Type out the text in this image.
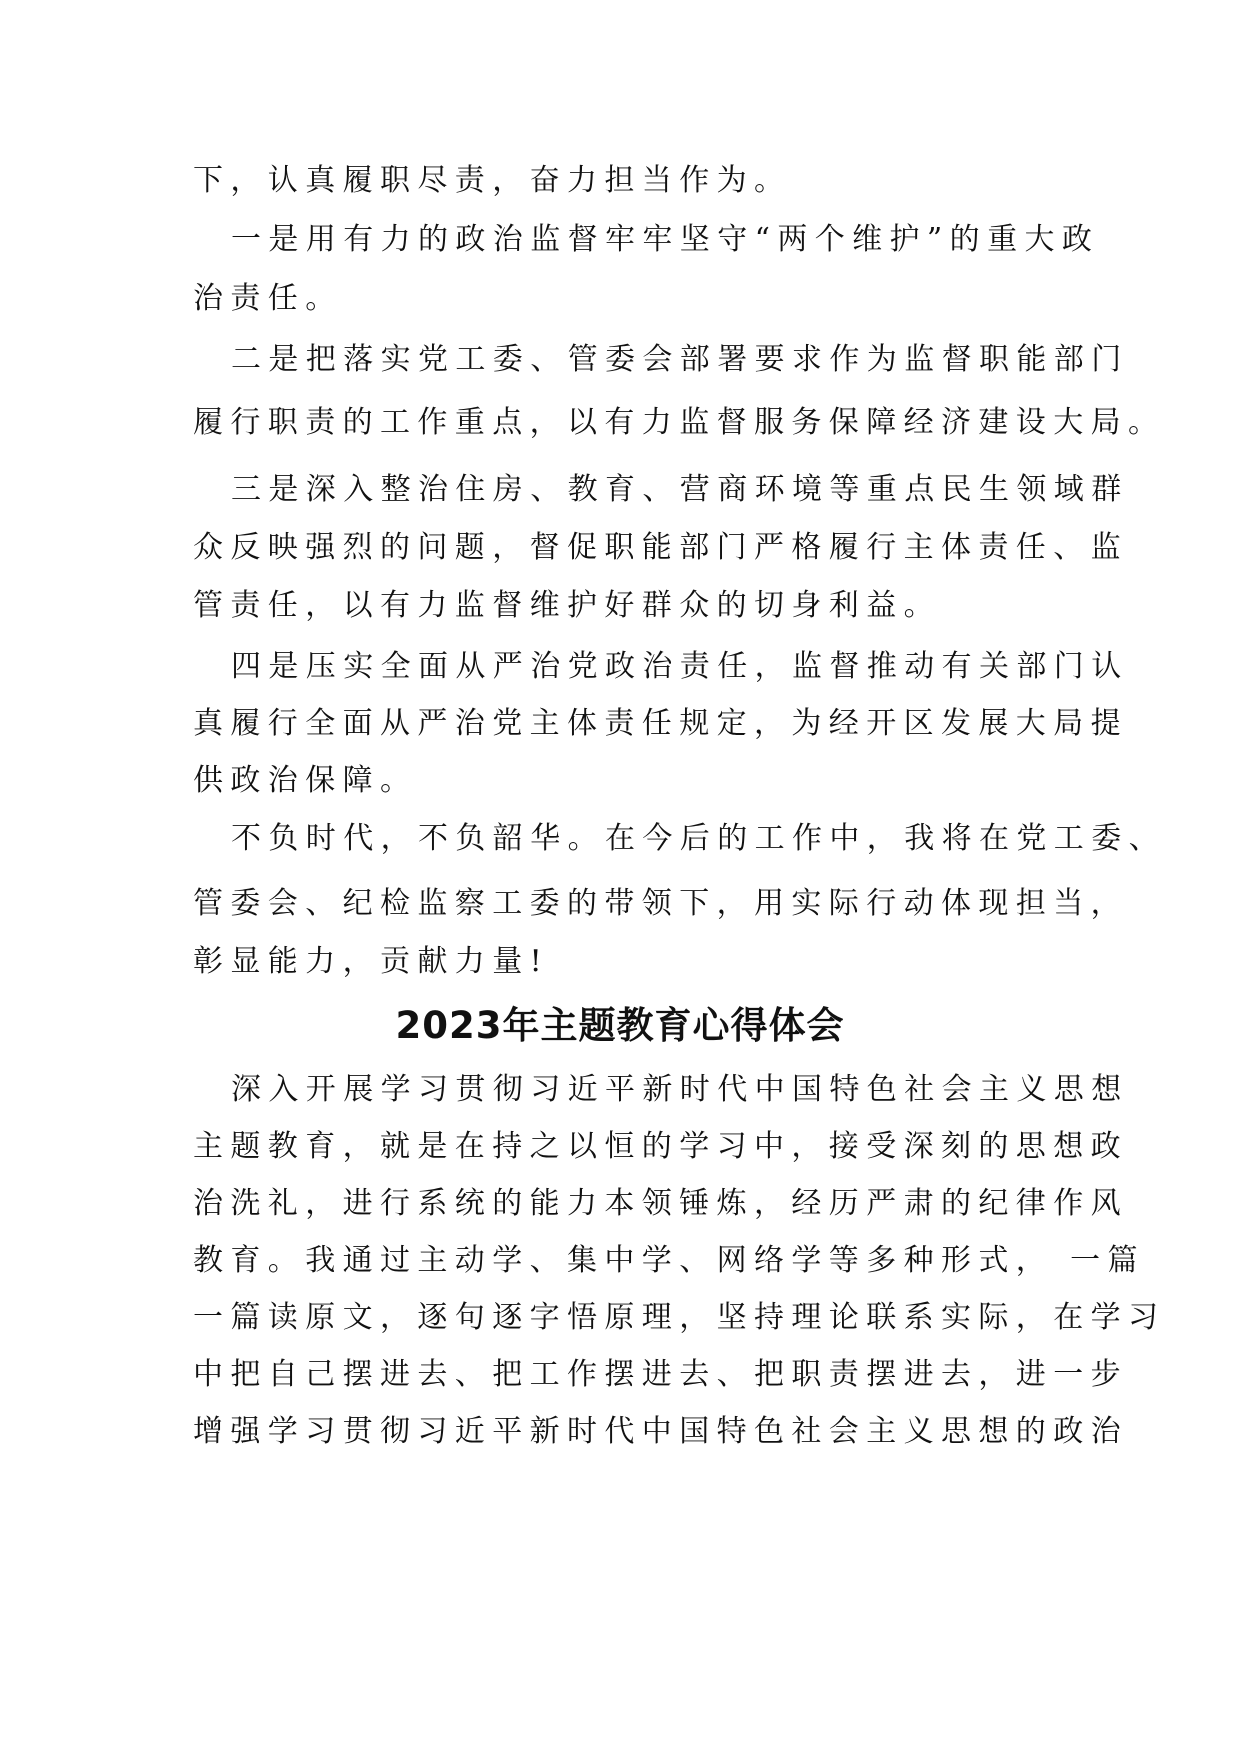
下，认真履职尽责，奋力担当作为。
一是用有力的政治监督牢牢坚守“两个维护”的重大政
治责任。
二是把落实党工委、管委会部署要求作为监督职能部门
履行职责的工作重点，以有力监督服务保障经济建设大局。
三是深入整治住房、教育、营商环境等重点民生领域群
众反映强烈的问题，督促职能部门严格履行主体责任、监
管责任，以有力监督维护好群众的切身利益。
四是压实全面从严治党政治责任，监督推动有关部门认
真履行全面从严治党主体责任规定，为经开区发展大局提
供政治保障。
不负时代，不负韶华。在今后的工作中，我将在党工委、
管委会、纪检监察工委的带领下，用实际行动体现担当，
彰显能力，贡献力量!
2023年主题教育心得体会
深入开展学习贯彻习近平新时代中国特色社会主义思想
主题教育，就是在持之以恒的学习中，接受深刻的思想政
治洗礼，进行系统的能力本领锤炼，经历严肃的纪律作风
教育。我通过主动学、集中学、网络学等多种形式， 一篇
一篇读原文，逐句逐字悟原理，坚持理论联系实际，在学习
中把自己摆进去、把工作摆进去、把职责摆进去，进一步
增强学习贯彻习近平新时代中国特色社会主义思想的政治
